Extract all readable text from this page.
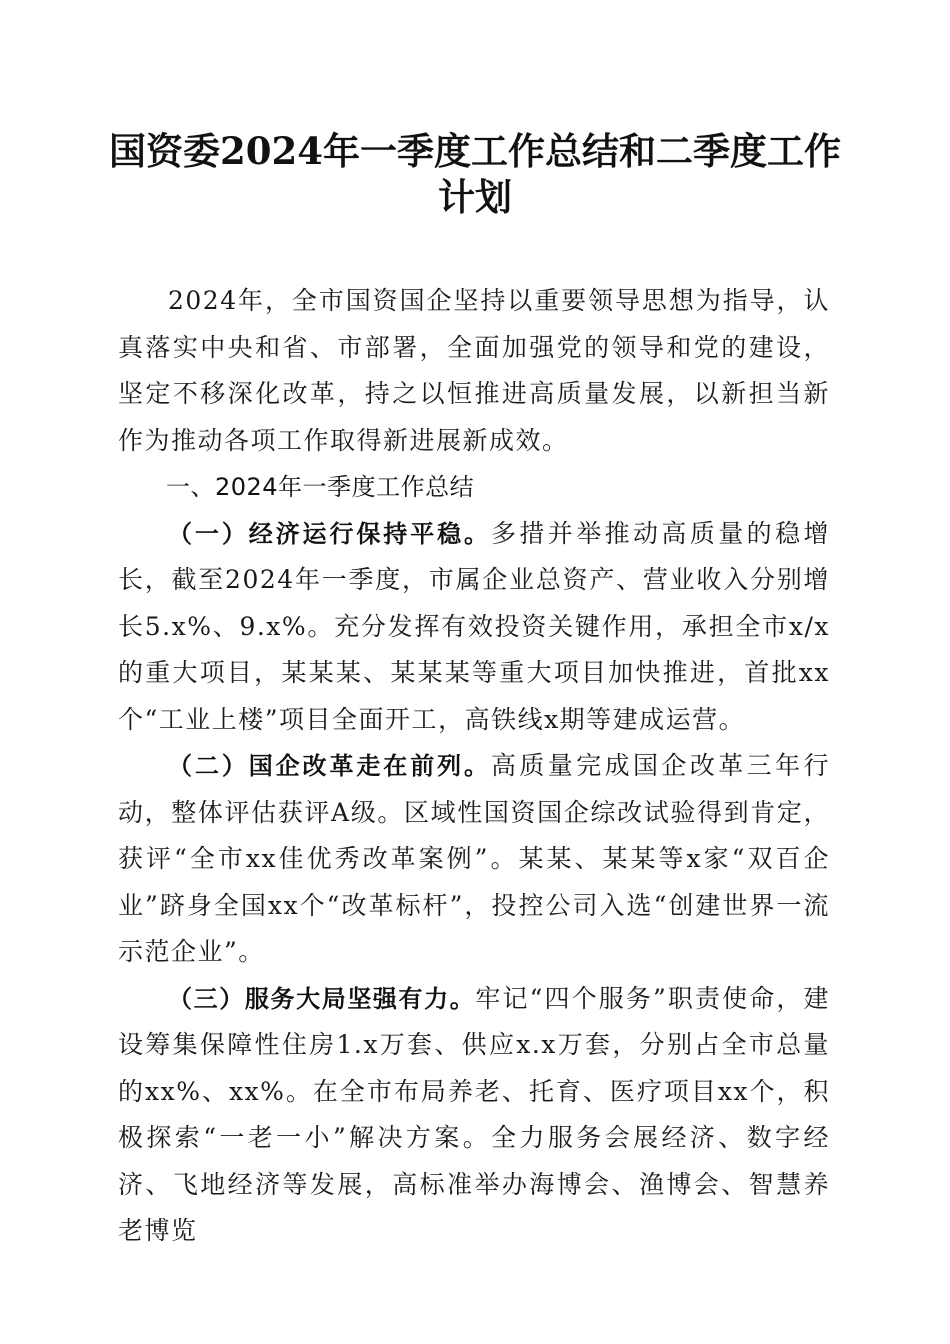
国资委2024年一季度工作总结和二季度工作计划

2024年，全市国资国企坚持以重要领导思想为指导，认真落实中央和省、市部署，全面加强党的领导和党的建设，坚定不移深化改革，持之以恒推进高质量发展，以新担当新作为推动各项工作取得新进展新成效。

一、2024年一季度工作总结

（一）经济运行保持平稳。多措并举推动高质量的稳增长，截至2024年一季度，市属企业总资产、营业收入分别增长5.x%、9.x%。充分发挥有效投资关键作用，承担全市x/x的重大项目，某某某、某某某等重大项目加快推进，首批xx个“工业上楼”项目全面开工，高铁线x期等建成运营。

（二）国企改革走在前列。高质量完成国企改革三年行动，整体评估获评A级。区域性国资国企综改试验得到肯定，获评“全市xx佳优秀改革案例”。某某、某某等x家“双百企业”跻身全国xx个“改革标杆”，投控公司入选“创建世界一流示范企业”。

（三）服务大局坚强有力。牢记“四个服务”职责使命，建设筹集保障性住房1.x万套、供应x.x万套，分别占全市总量的xx%、xx%。在全市布局养老、托育、医疗项目xx个，积极探索“一老一小”解决方案。全力服务会展经济、数字经济、飞地经济等发展，高标准举办海博会、渔博会、智慧养老博览
